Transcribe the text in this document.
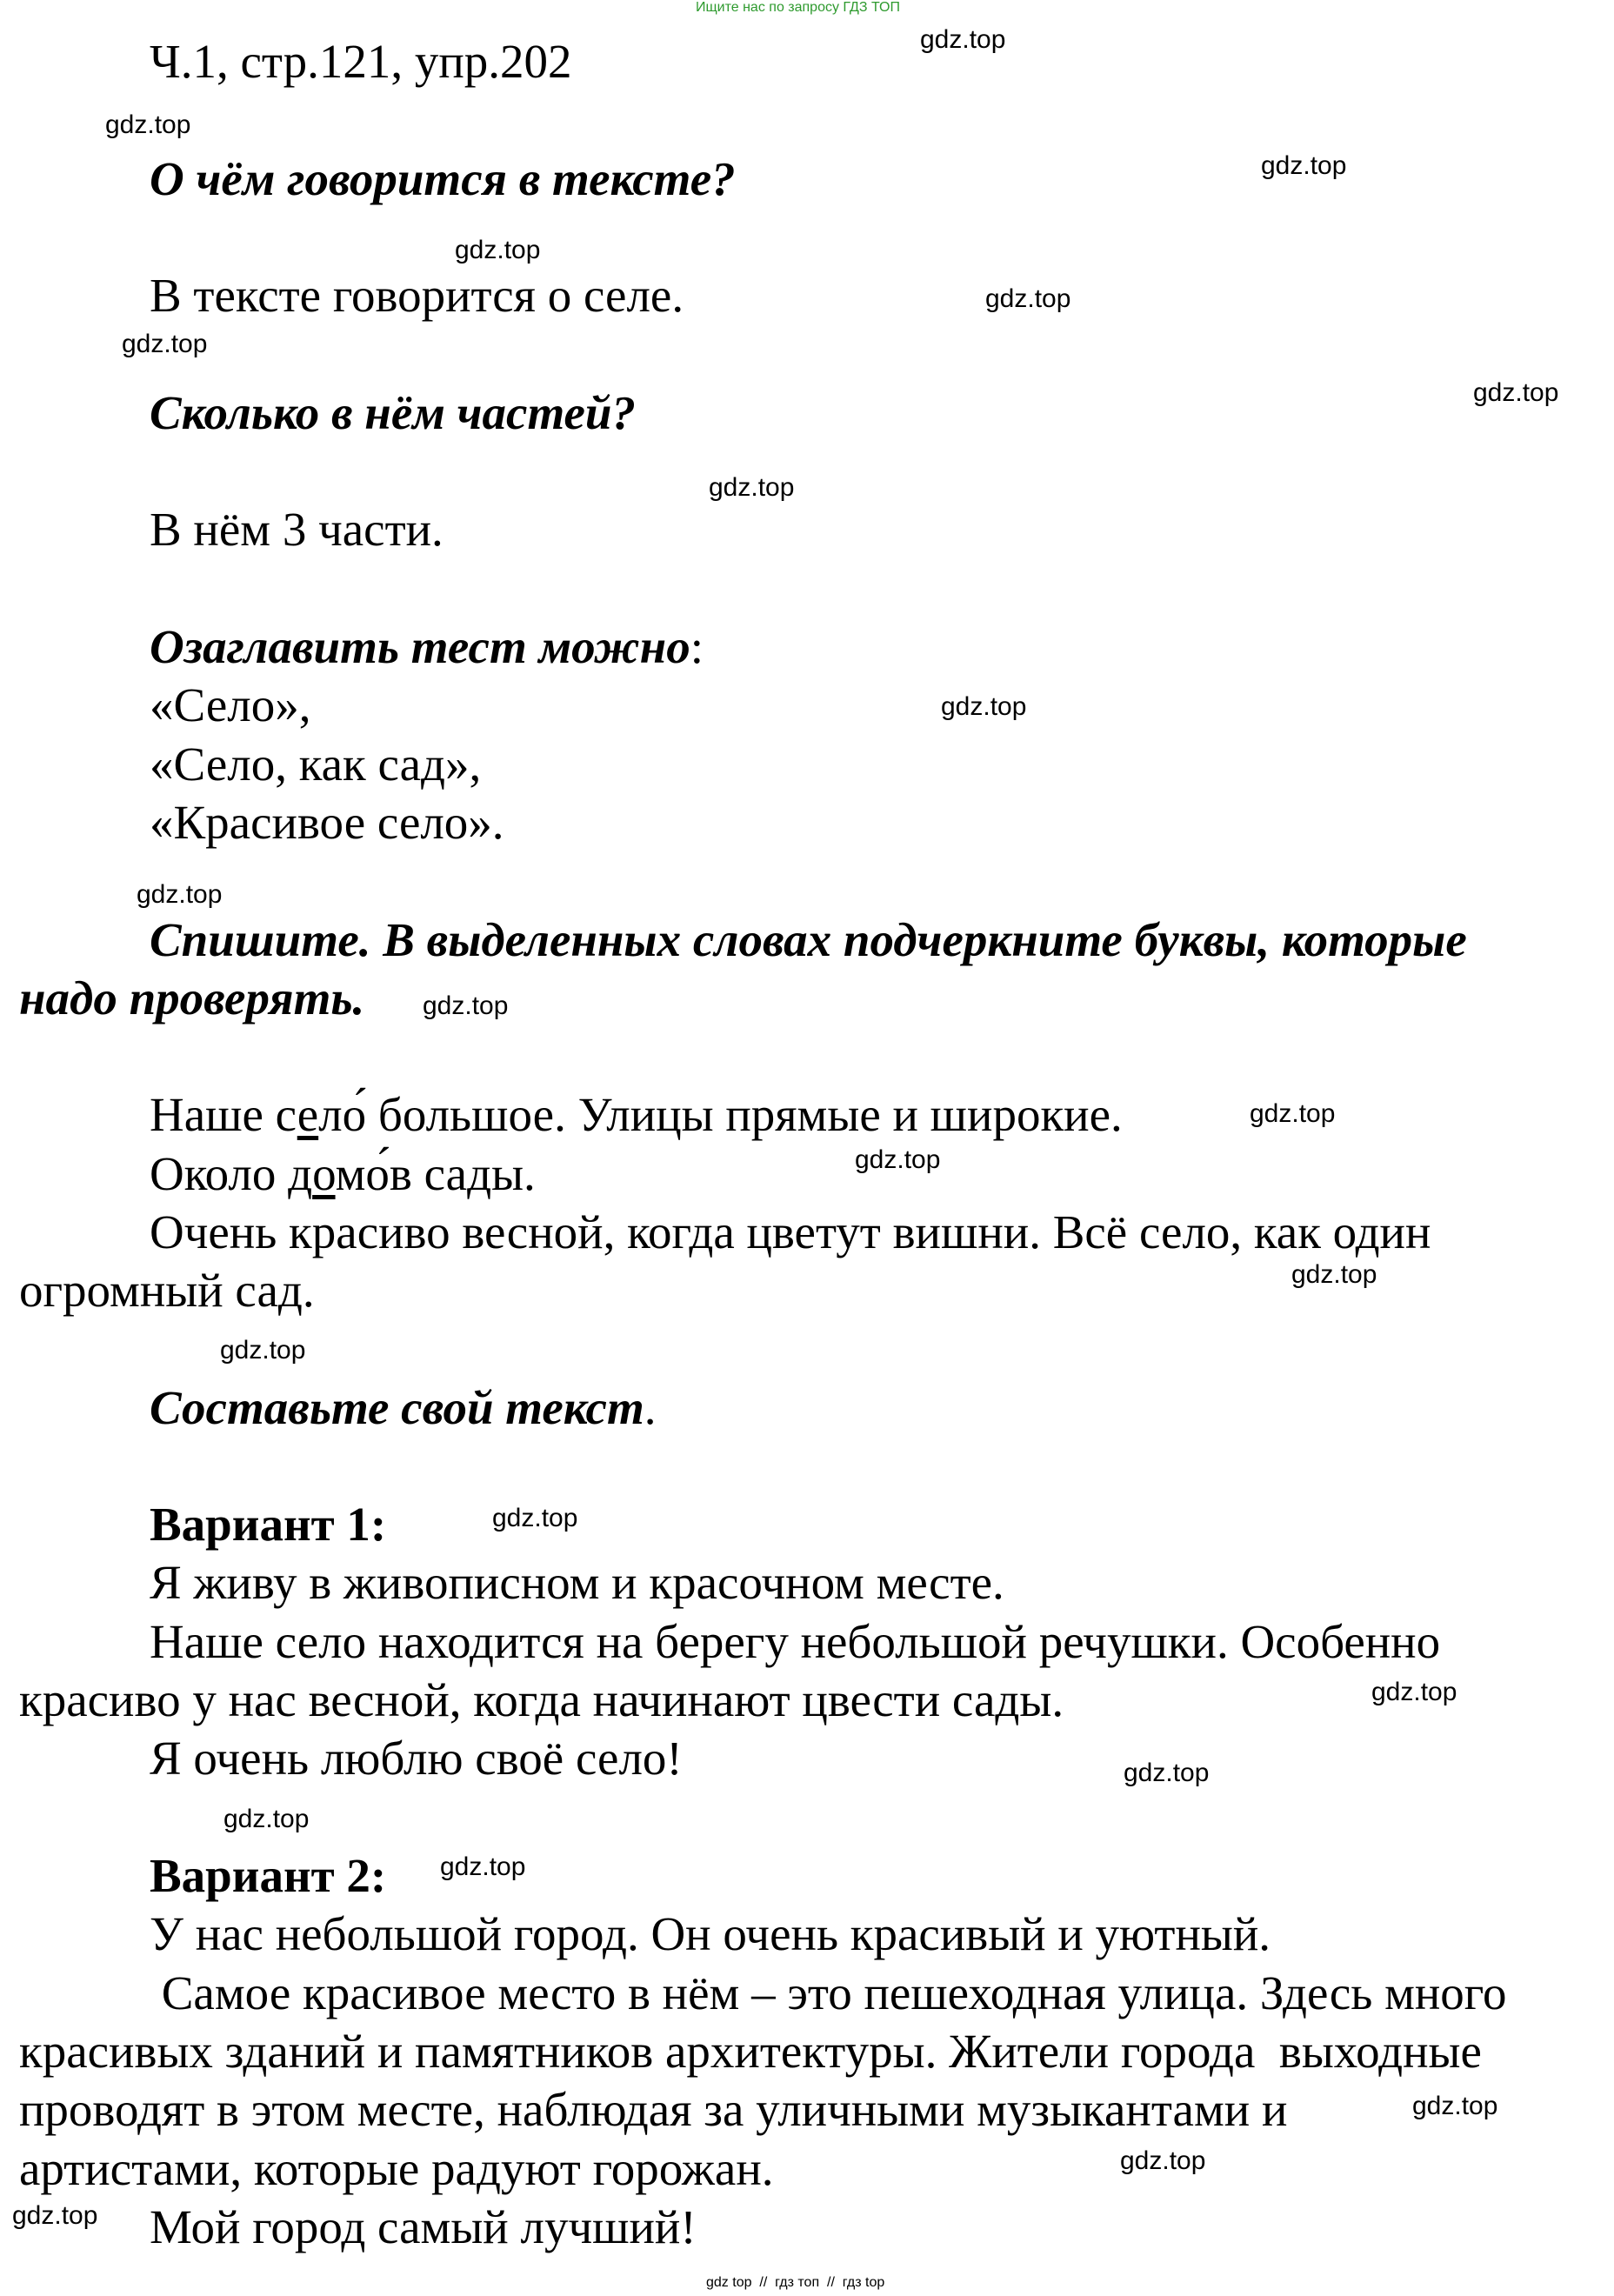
Ищите нас по запросу ГДЗ ТОП
Ч.1, стр.121, упр.202
О чём говорится в тексте?
В тексте говорится о селе.
Сколько в нём частей?
В нём 3 части.
Озаглавить тест можно:
«Село»,
«Село, как сад»,
«Красивое село».
Спишите. В выделенных словах подчеркните буквы, которые
надо проверять.
Наше село́ большое. Улицы прямые и широкие.
Около домо́в сады.
Очень красиво весной, когда цветут вишни. Всё село, как один
огромный сад.
Составьте свой текст.
Вариант 1:
Я живу в живописном и красочном месте.
Наше село находится на берегу небольшой речушки. Особенно
красиво у нас весной, когда начинают цвести сады.
Я очень люблю своё село!
Вариант 2:
У нас небольшой город. Он очень красивый и уютный.
Самое красивое место в нём – это пешеходная улица. Здесь много
красивых зданий и памятников архитектуры. Жители города  выходные
проводят в этом месте, наблюдая за уличными музыкантами и
артистами, которые радуют горожан.
Мой город самый лучший!
gdz.top
gdz.top
gdz.top
gdz.top
gdz.top
gdz.top
gdz.top
gdz.top
gdz.top
gdz.top
gdz.top
gdz.top
gdz.top
gdz.top
gdz.top
gdz.top
gdz.top
gdz.top
gdz.top
gdz.top
gdz.top
gdz.top
gdz.top
gdz top  //  гдз топ  //  гдз top
